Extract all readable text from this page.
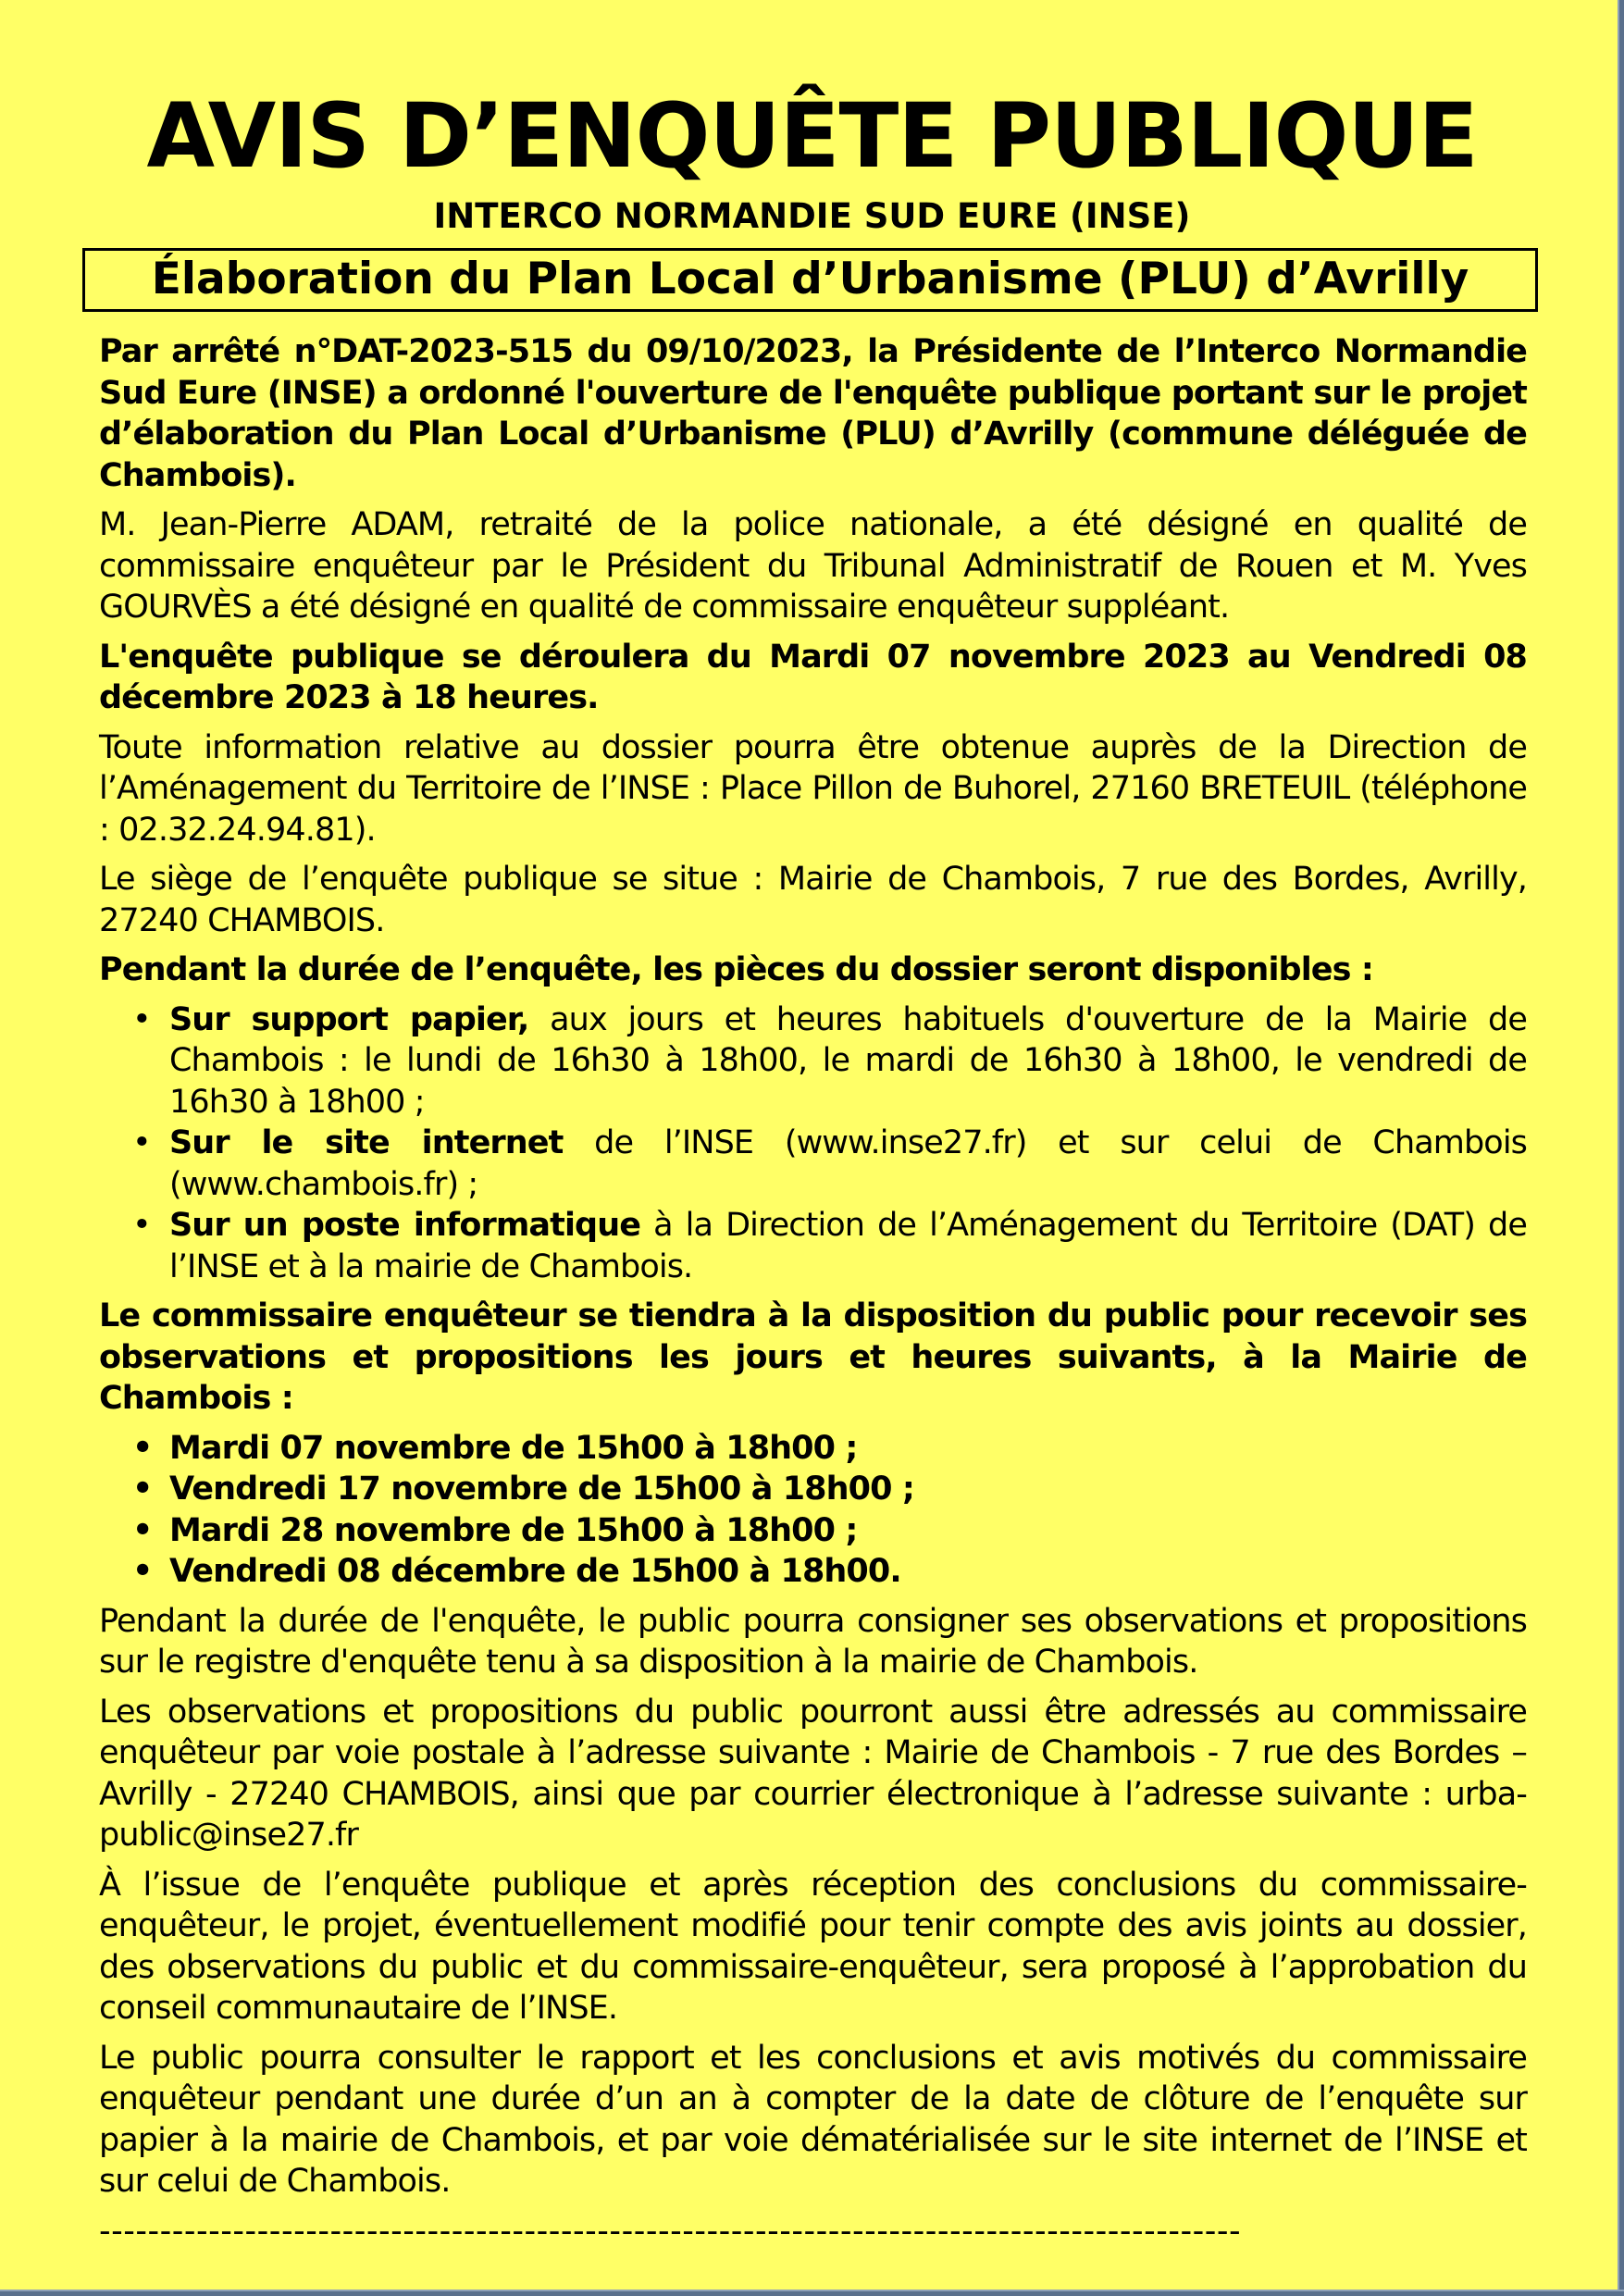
AVIS D’ENQUÊTE PUBLIQUE
INTERCO NORMANDIE SUD EURE (INSE)
Élaboration du Plan Local d’Urbanisme (PLU) d’Avrilly

Par arrêté n°DAT-2023-515 du 09/10/2023, la Présidente de l’Interco Normandie Sud Eure (INSE) a ordonné l'ouverture de l'enquête publique portant sur le projet d’élaboration du Plan Local d’Urbanisme (PLU) d’Avrilly (commune déléguée de Chambois).

M. Jean-Pierre ADAM, retraité de la police nationale, a été désigné en qualité de commissaire enquêteur par le Président du Tribunal Administratif de Rouen et M. Yves GOURVÈS a été désigné en qualité de commissaire enquêteur suppléant.

L'enquête publique se déroulera du Mardi 07 novembre 2023 au Vendredi 08 décembre 2023 à 18 heures.

Toute information relative au dossier pourra être obtenue auprès de la Direction de l’Aménagement du Territoire de l’INSE : Place Pillon de Buhorel, 27160 BRETEUIL (téléphone : 02.32.24.94.81).

Le siège de l’enquête publique se situe : Mairie de Chambois, 7 rue des Bordes, Avrilly, 27240 CHAMBOIS.

Pendant la durée de l’enquête, les pièces du dossier seront disponibles :

• Sur support papier, aux jours et heures habituels d'ouverture de la Mairie de Chambois : le lundi de 16h30 à 18h00, le mardi de 16h30 à 18h00, le vendredi de 16h30 à 18h00 ;
• Sur le site internet de l’INSE (www.inse27.fr) et sur celui de Chambois (www.chambois.fr) ;
• Sur un poste informatique à la Direction de l’Aménagement du Territoire (DAT) de l’INSE et à la mairie de Chambois.

Le commissaire enquêteur se tiendra à la disposition du public pour recevoir ses observations et propositions les jours et heures suivants, à la Mairie de Chambois :

• Mardi 07 novembre de 15h00 à 18h00 ;
• Vendredi 17 novembre de 15h00 à 18h00 ;
• Mardi 28 novembre de 15h00 à 18h00 ;
• Vendredi 08 décembre de 15h00 à 18h00.

Pendant la durée de l'enquête, le public pourra consigner ses observations et propositions sur le registre d'enquête tenu à sa disposition à la mairie de Chambois.

Les observations et propositions du public pourront aussi être adressés au commissaire enquêteur par voie postale à l’adresse suivante : Mairie de Chambois - 7 rue des Bordes – Avrilly - 27240 CHAMBOIS, ainsi que par courrier électronique à l’adresse suivante : urba-public@inse27.fr

À l’issue de l’enquête publique et après réception des conclusions du commissaire-enquêteur, le projet, éventuellement modifié pour tenir compte des avis joints au dossier, des observations du public et du commissaire-enquêteur, sera proposé à l’approbation du conseil communautaire de l’INSE.

Le public pourra consulter le rapport et les conclusions et avis motivés du commissaire enquêteur pendant une durée d’un an à compter de la date de clôture de l’enquête sur papier à la mairie de Chambois, et par voie dématérialisée sur le site internet de l’INSE et sur celui de Chambois.

----------------------------------------------------------------------------------------------
